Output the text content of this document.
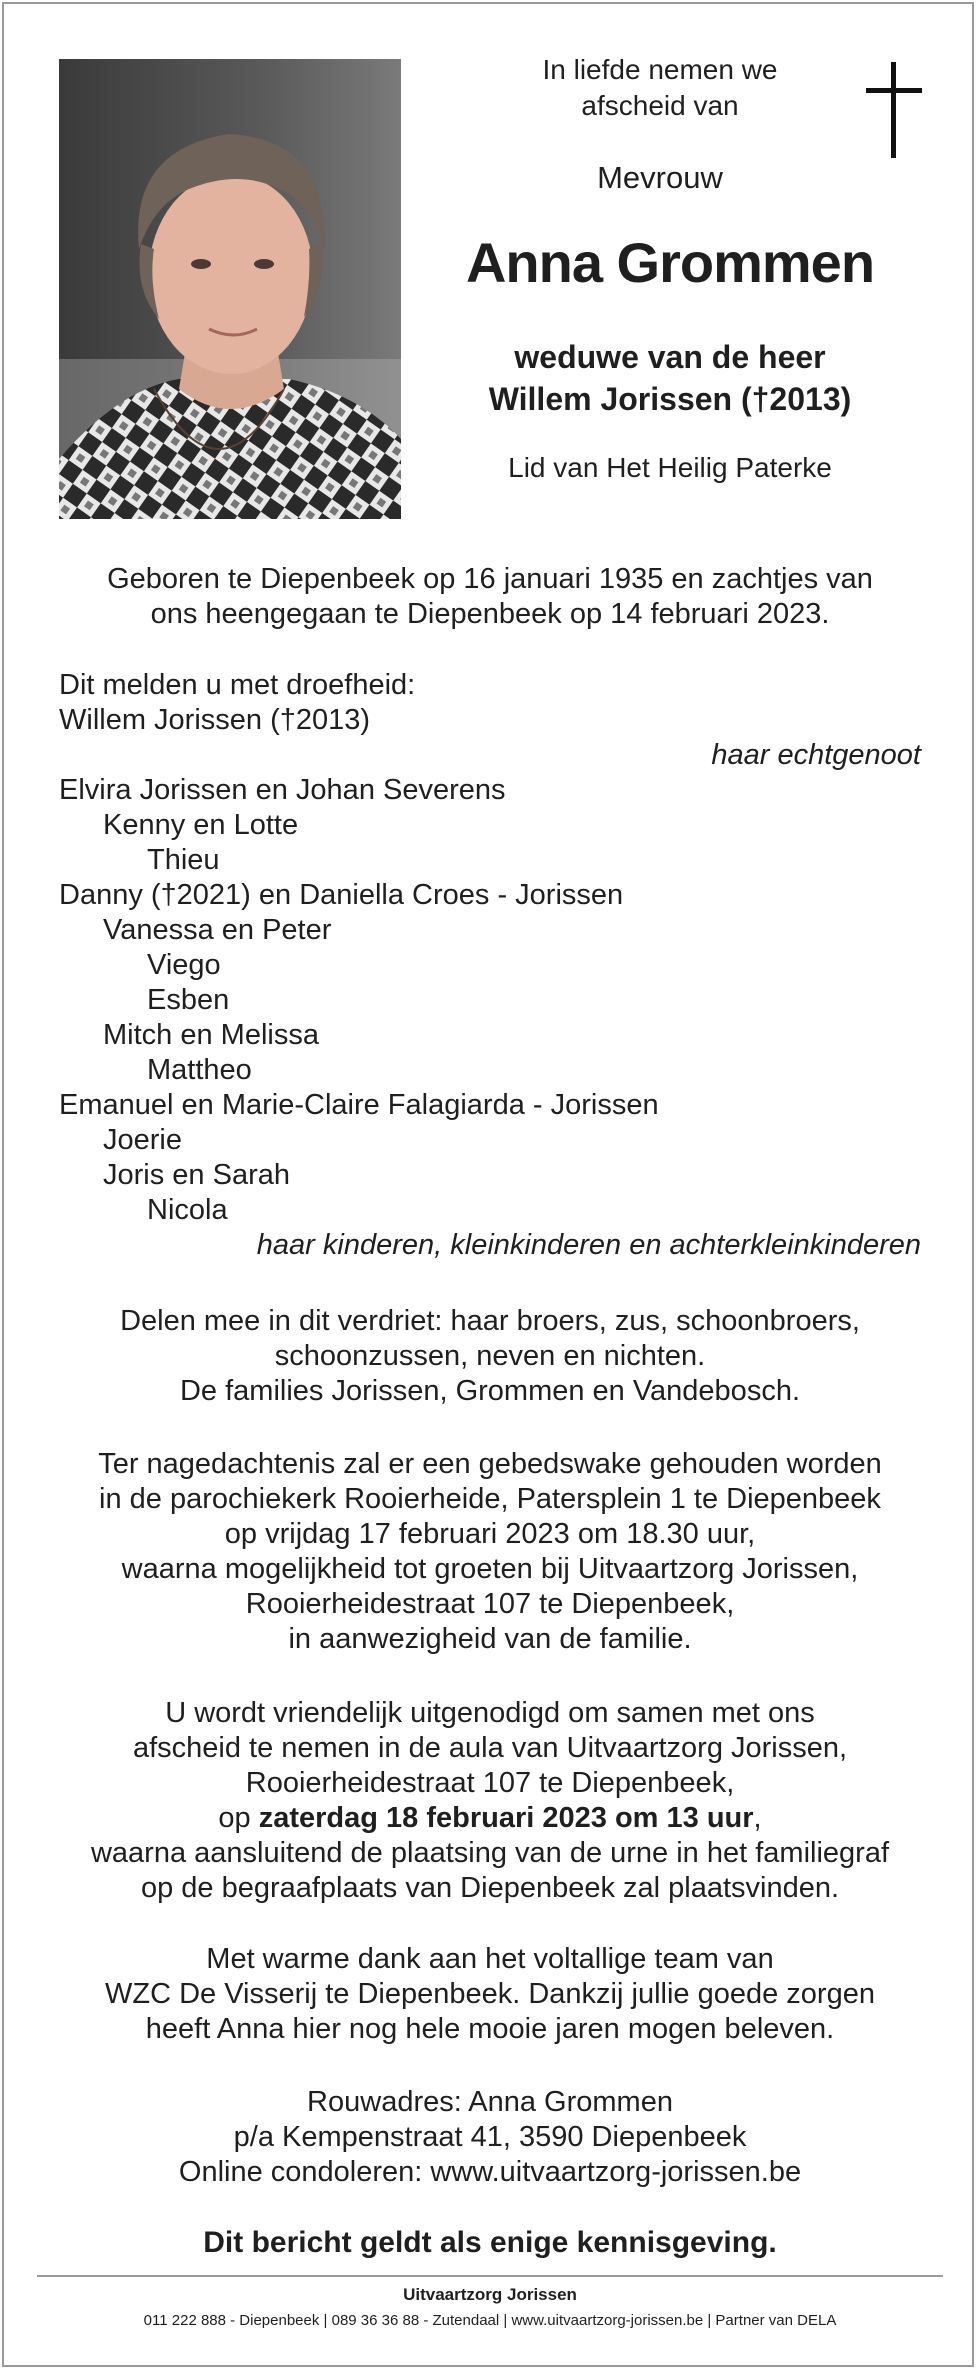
In liefde nemen we
afscheid van
Mevrouw
Anna Grommen
weduwe van de heer
Willem Jorissen (†2013)
Lid van Het Heilig Paterke
Geboren te Diepenbeek op 16 januari 1935 en zachtjes van
ons heengegaan te Diepenbeek op 14 februari 2023.
Dit melden u met droefheid:
Willem Jorissen (†2013)
haar echtgenoot
Elvira Jorissen en Johan Severens
Kenny en Lotte
Thieu
Danny (†2021) en Daniella Croes - Jorissen
Vanessa en Peter
Viego
Esben
Mitch en Melissa
Mattheo
Emanuel en Marie-Claire Falagiarda - Jorissen
Joerie
Joris en Sarah
Nicola
haar kinderen, kleinkinderen en achterkleinkinderen
Delen mee in dit verdriet: haar broers, zus, schoonbroers,
schoonzussen, neven en nichten.
De families Jorissen, Grommen en Vandebosch.
Ter nagedachtenis zal er een gebedswake gehouden worden
in de parochiekerk Rooierheide, Patersplein 1 te Diepenbeek
op vrijdag 17 februari 2023 om 18.30 uur,
waarna mogelijkheid tot groeten bij Uitvaartzorg Jorissen,
Rooierheidestraat 107 te Diepenbeek,
in aanwezigheid van de familie.
U wordt vriendelijk uitgenodigd om samen met ons
afscheid te nemen in de aula van Uitvaartzorg Jorissen,
Rooierheidestraat 107 te Diepenbeek,
op zaterdag 18 februari 2023 om 13 uur,
waarna aansluitend de plaatsing van de urne in het familiegraf
op de begraafplaats van Diepenbeek zal plaatsvinden.
Met warme dank aan het voltallige team van
WZC De Visserij te Diepenbeek. Dankzij jullie goede zorgen
heeft Anna hier nog hele mooie jaren mogen beleven.
Rouwadres: Anna Grommen
p/a Kempenstraat 41, 3590 Diepenbeek
Online condoleren: www.uitvaartzorg-jorissen.be
Dit bericht geldt als enige kennisgeving.
Uitvaartzorg Jorissen
011 222 888 - Diepenbeek | 089 36 36 88 - Zutendaal | www.uitvaartzorg-jorissen.be | Partner van DELA
